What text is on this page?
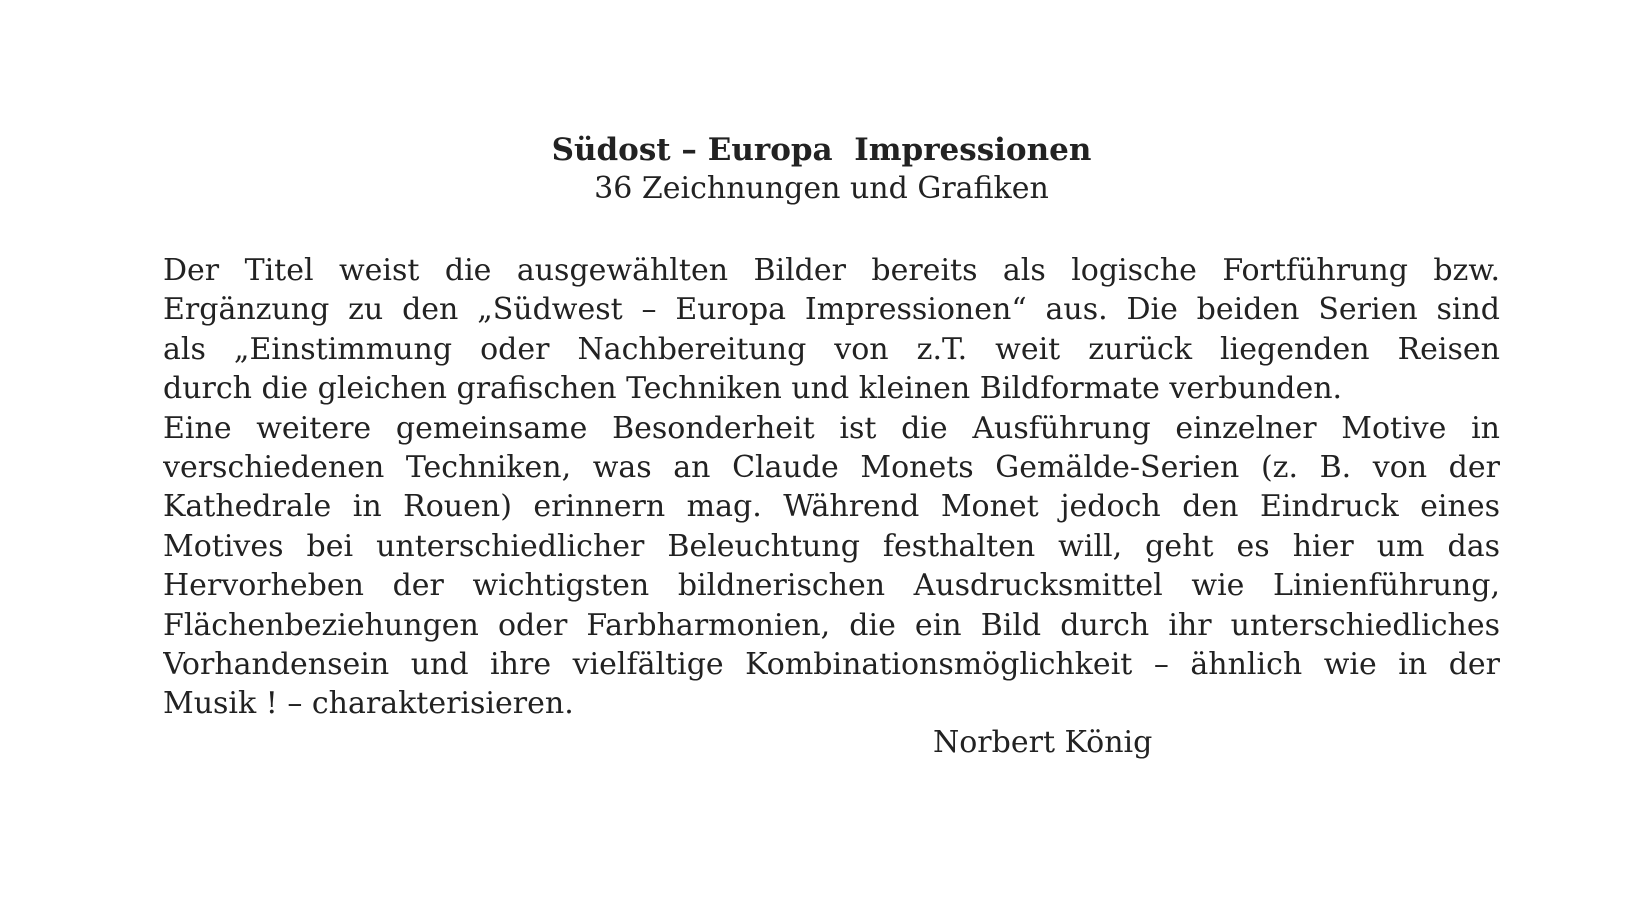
Südost – Europa  Impressionen
36 Zeichnungen und Grafiken
Der Titel weist die ausgewählten Bilder bereits als logische Fortführung bzw.
Ergänzung zu den „Südwest – Europa Impressionen“ aus. Die beiden Serien sind
als „Einstimmung oder Nachbereitung von z.T. weit zurück liegenden Reisen
durch die gleichen grafischen Techniken und kleinen Bildformate verbunden.
Eine weitere gemeinsame Besonderheit ist die Ausführung einzelner Motive in
verschiedenen Techniken, was an Claude Monets Gemälde-Serien (z. B. von der
Kathedrale in Rouen) erinnern mag. Während Monet jedoch den Eindruck eines
Motives bei unterschiedlicher Beleuchtung festhalten will, geht es hier um das
Hervorheben der wichtigsten bildnerischen Ausdrucksmittel wie Linienführung,
Flächenbeziehungen oder Farbharmonien, die ein Bild durch ihr unterschiedliches
Vorhandensein und ihre vielfältige Kombinationsmöglichkeit – ähnlich wie in der
Musik ! – charakterisieren.
Norbert König
